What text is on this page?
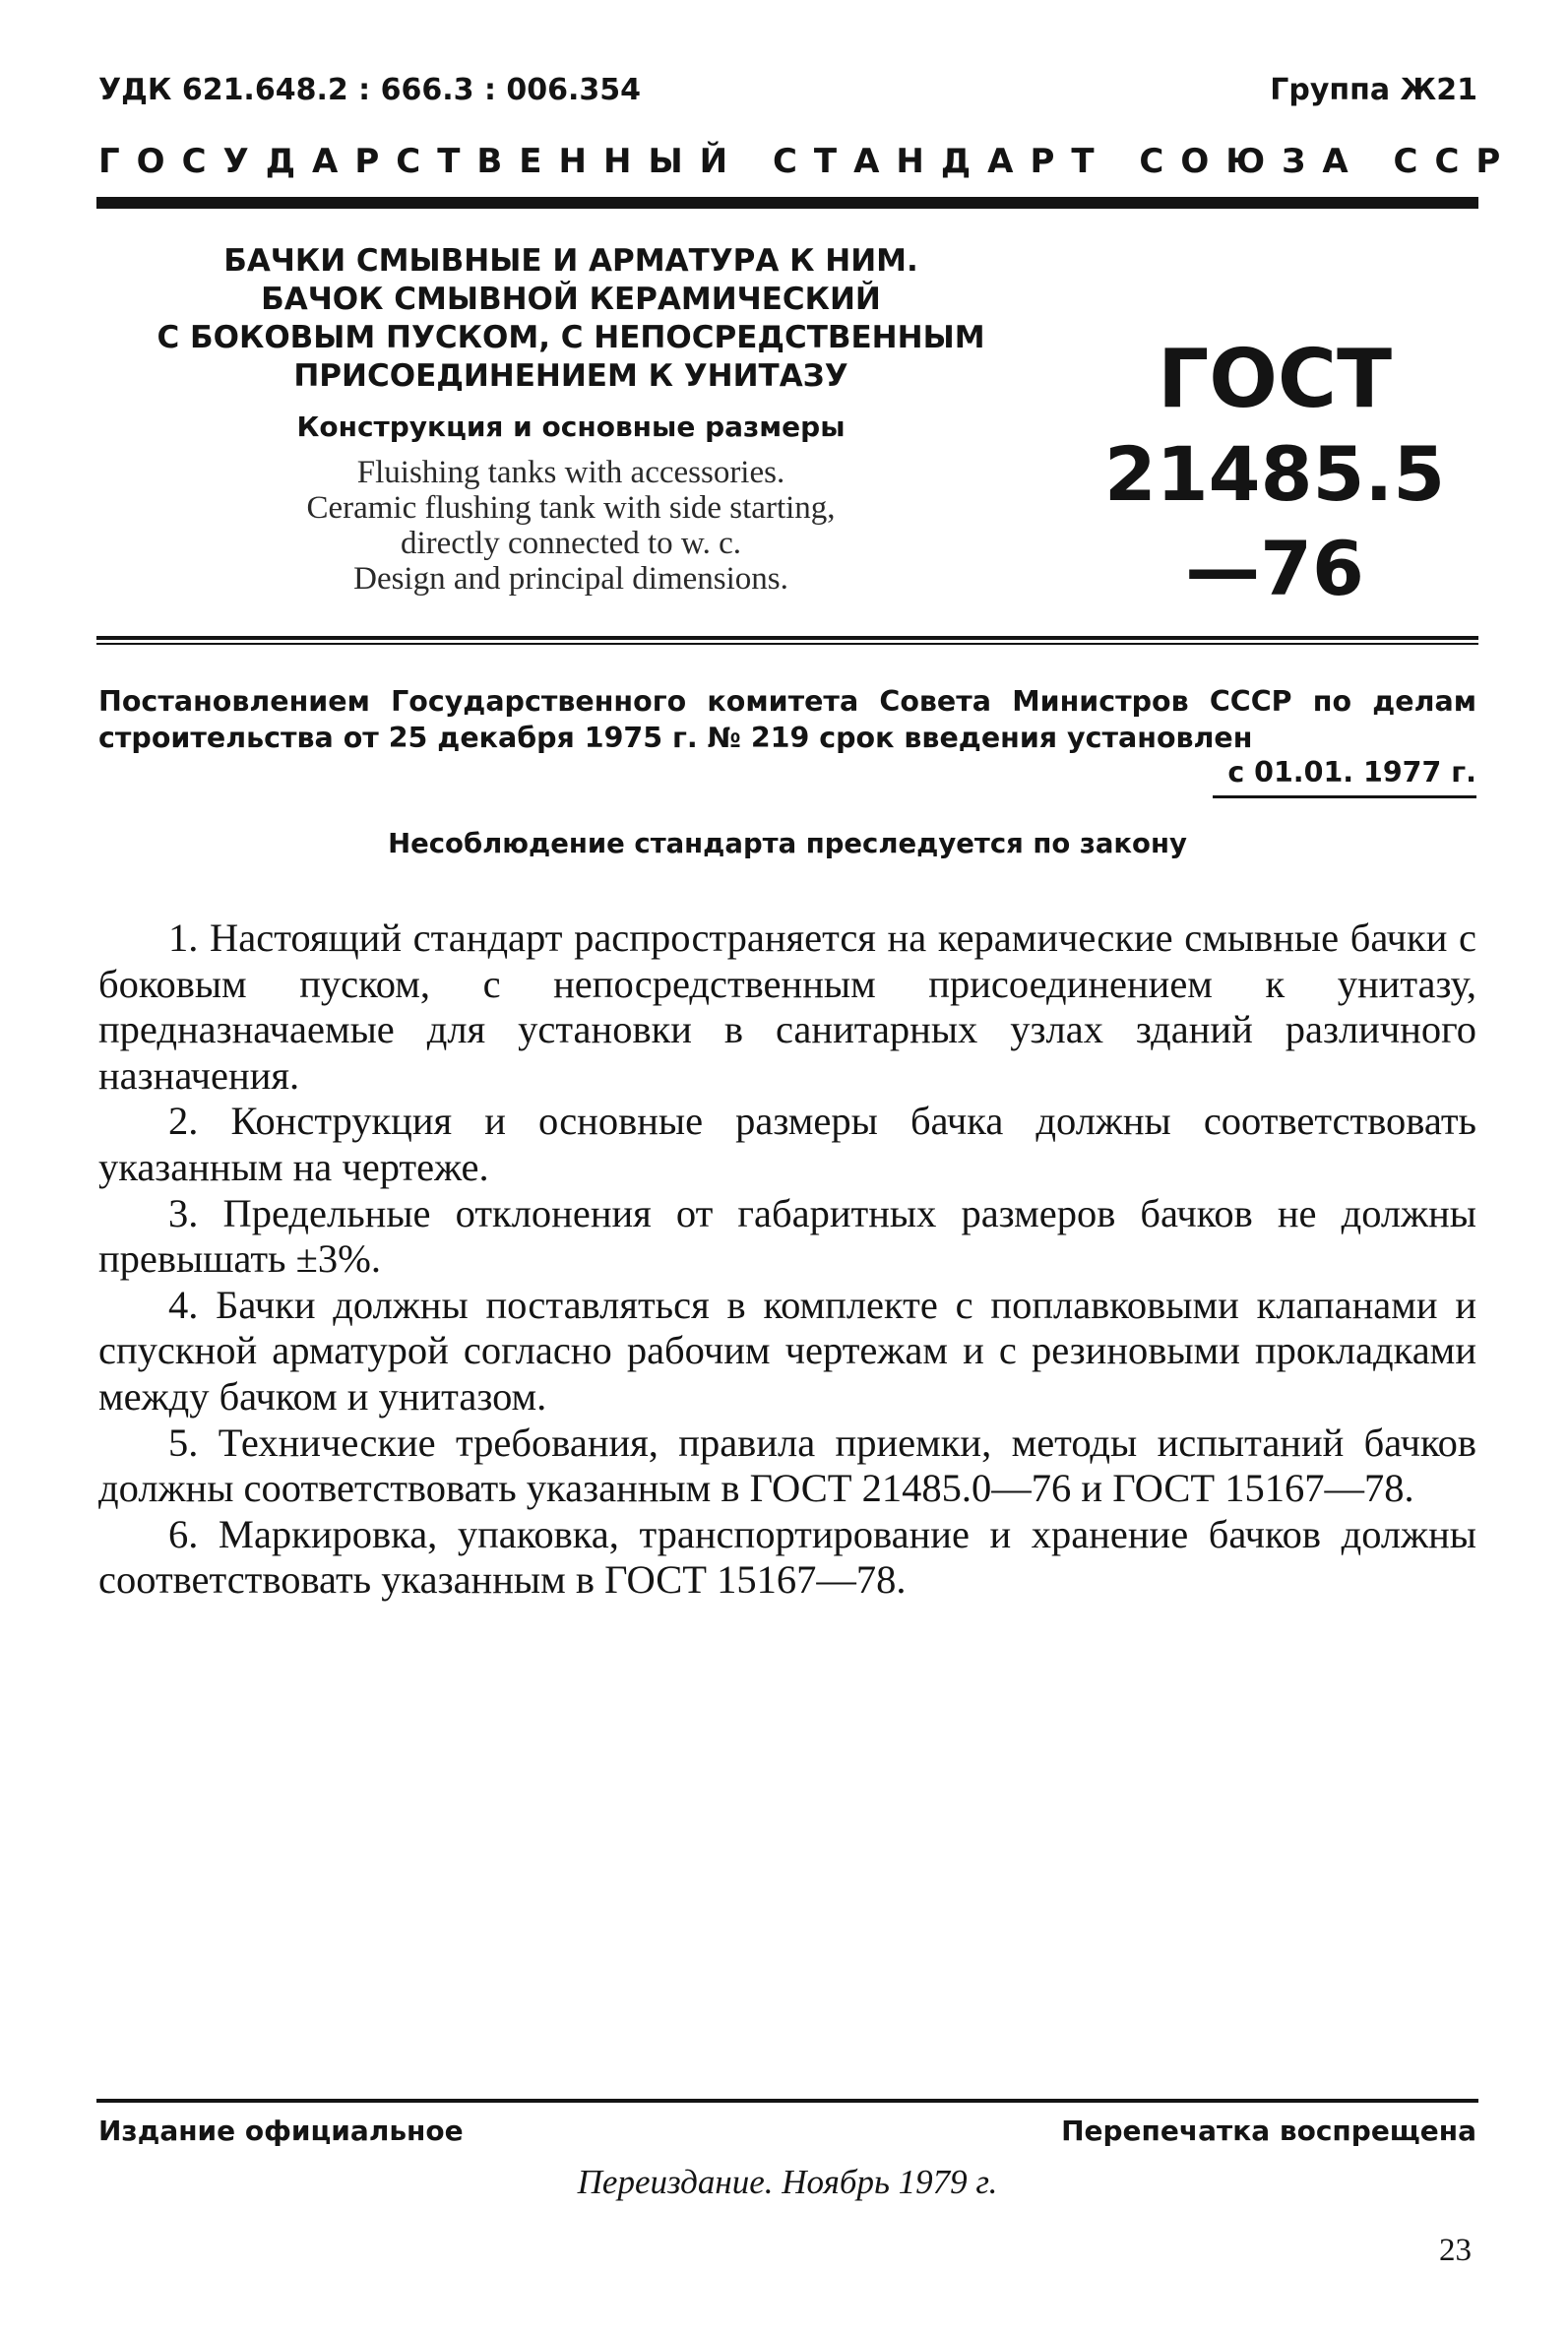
УДК 621.648.2 : 666.3 : 006.354	Группа Ж21
ГОСУДАРСТВЕННЫЙ СТАНДАРТ СОЮЗА ССР
БАЧКИ СМЫВНЫЕ И АРМАТУРА К НИМ.
БАЧОК СМЫВНОЙ КЕРАМИЧЕСКИЙ
С БОКОВЫМ ПУСКОМ, С НЕПОСРЕДСТВЕННЫМ
ПРИСОЕДИНЕНИЕМ К УНИТАЗУ
Конструкция и основные размеры
Fluishing tanks with accessories.
Ceramic flushing tank with side starting,
directly connected to w. c.
Design and principal dimensions.
ГОСТ
21485.5—76
Постановлением Государственного комитета Совета Министров СССР по делам строительства от 25 декабря 1975 г. № 219 срок введения установлен
с 01.01. 1977 г.
Несоблюдение стандарта преследуется по закону

1. Настоящий стандарт распространяется на керамические смывные бачки с боковым пуском, с непосредственным присоединением к унитазу, предназначаемые для установки в санитарных узлах зданий различного назначения.

2. Конструкция и основные размеры бачка должны соответствовать указанным на чертеже.

3. Предельные отклонения от габаритных размеров бачков не должны превышать ±3%.

4. Бачки должны поставляться в комплекте с поплавковыми клапанами и спускной арматурой согласно рабочим чертежам и с резиновыми прокладками между бачком и унитазом.

5. Технические требования, правила приемки, методы испытаний бачков должны соответствовать указанным в ГОСТ 21485.0—76 и ГОСТ 15167—78.

6. Маркировка, упаковка, транспортирование и хранение бачков должны соответствовать указанным в ГОСТ 15167—78.

Издание официальное	Перепечатка воспрещена
Переиздание. Ноябрь 1979 г.
23
